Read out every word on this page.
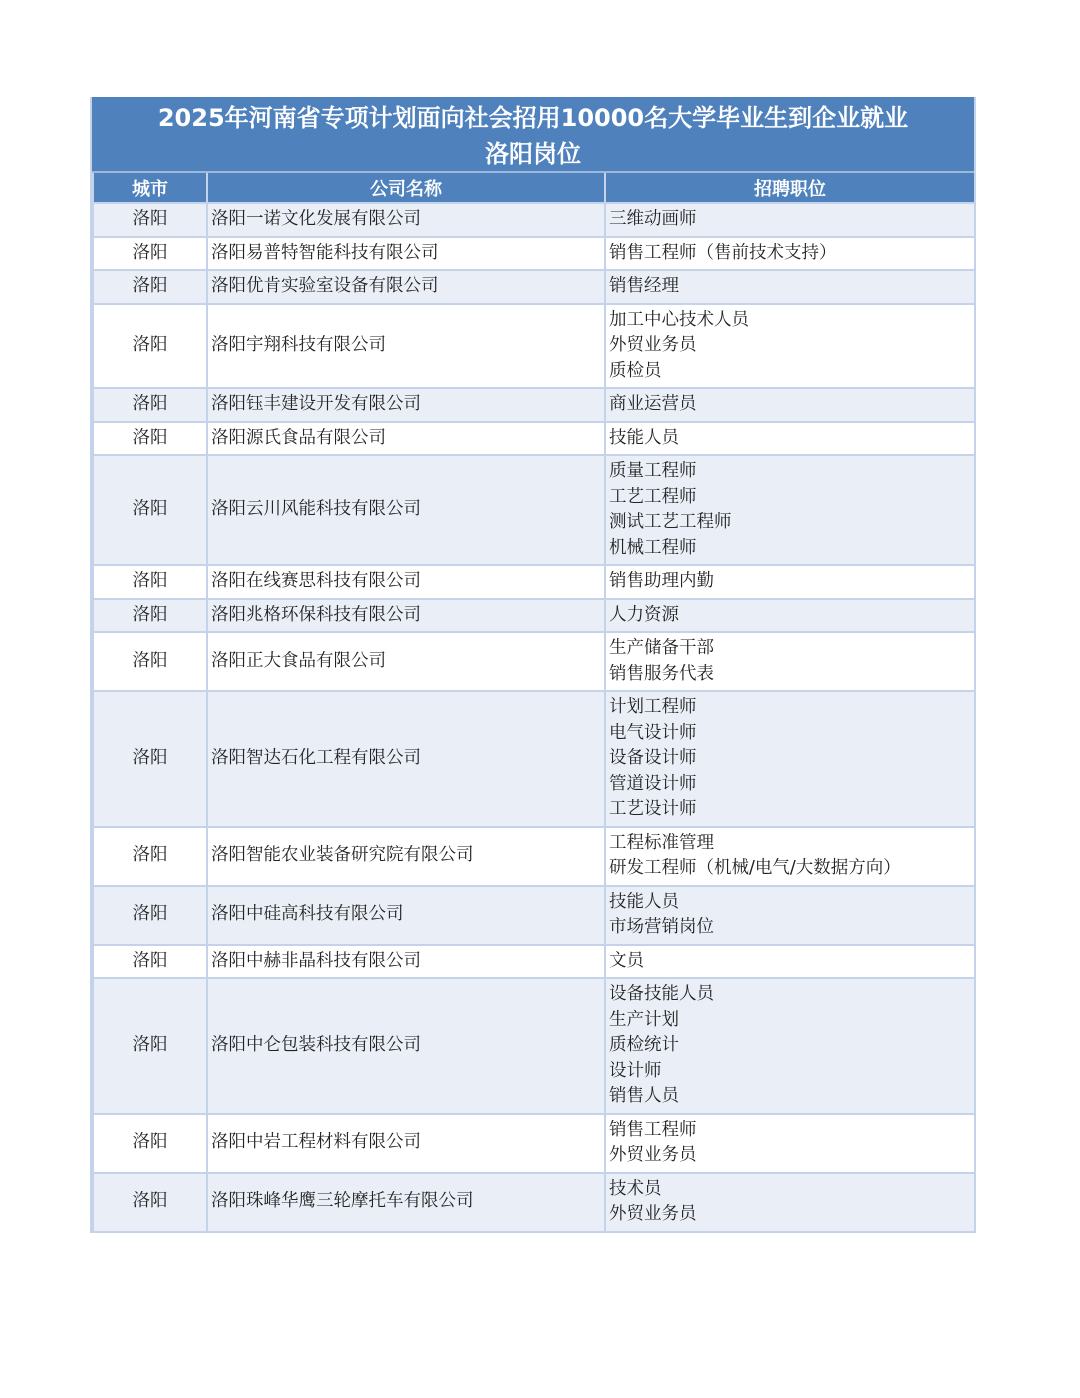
2025年河南省专项计划面向社会招用10000名大学毕业生到企业就业
洛阳岗位
城市	公司名称	招聘职位
洛阳	洛阳一诺文化发展有限公司	三维动画师

洛阳	洛阳易普特智能科技有限公司	销售工程师（售前技术支持）

洛阳	洛阳优肯实验室设备有限公司	销售经理

洛阳	洛阳宇翔科技有限公司	加工中心技术人员
外贸业务员
质检员

洛阳	洛阳钰丰建设开发有限公司	商业运营员

洛阳	洛阳源氏食品有限公司	技能人员

洛阳	洛阳云川风能科技有限公司	质量工程师
工艺工程师
测试工艺工程师
机械工程师

洛阳	洛阳在线赛思科技有限公司	销售助理内勤

洛阳	洛阳兆格环保科技有限公司	人力资源

洛阳	洛阳正大食品有限公司	生产储备干部
销售服务代表

洛阳	洛阳智达石化工程有限公司	计划工程师
电气设计师
设备设计师
管道设计师
工艺设计师

洛阳	洛阳智能农业装备研究院有限公司	工程标准管理
研发工程师（机械/电气/大数据方向）

洛阳	洛阳中硅高科技有限公司	技能人员
市场营销岗位

洛阳	洛阳中赫非晶科技有限公司	文员

洛阳	洛阳中仑包装科技有限公司	设备技能人员
生产计划
质检统计
设计师
销售人员

洛阳	洛阳中岩工程材料有限公司	销售工程师
外贸业务员

洛阳	洛阳珠峰华鹰三轮摩托车有限公司	技术员
外贸业务员
